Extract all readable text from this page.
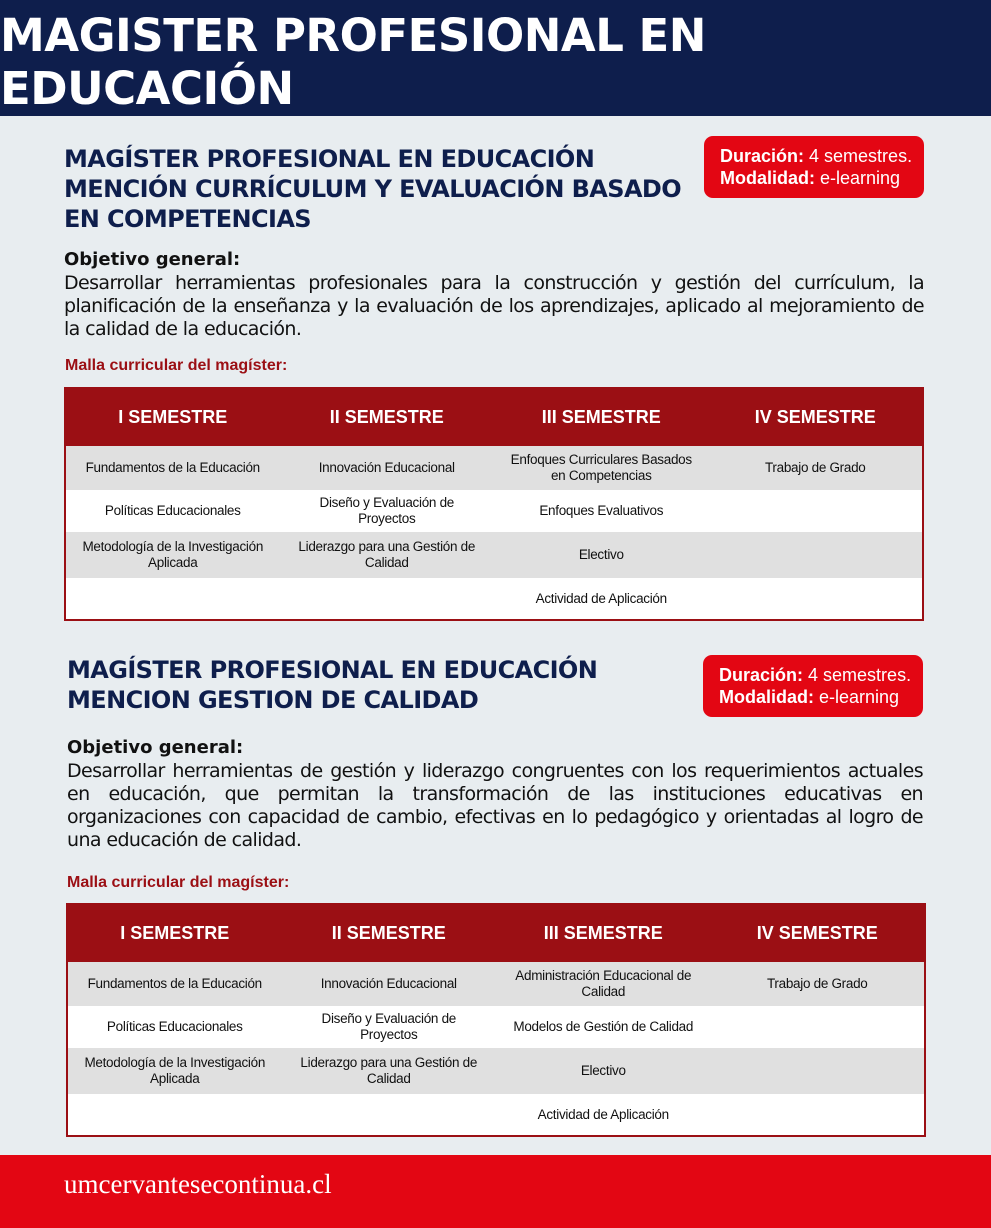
MAGISTER PROFESIONAL EN EDUCACIÓN
MAGÍSTER PROFESIONAL EN EDUCACIÓN
MENCIÓN CURRÍCULUM Y EVALUACIÓN BASADO
EN COMPETENCIAS
Duración: 4 semestres.
Modalidad: e-learning
Objetivo general:
Desarrollar herramientas profesionales para la construcción y gestión del currículum, la planificación de la enseñanza y la evaluación de los aprendizajes, aplicado al mejoramiento de la calidad de la educación.
Malla curricular del magíster:
I SEMESTRE	II SEMESTRE	III SEMESTRE	IV SEMESTRE
Fundamentos de la Educación	Innovación Educacional	Enfoques Curriculares Basados en Competencias	Trabajo de Grado
Políticas Educacionales	Diseño y Evaluación de Proyectos	Enfoques Evaluativos	
Metodología de la Investigación Aplicada	Liderazgo para una Gestión de Calidad	Electivo	
		Actividad de Aplicación	
MAGÍSTER PROFESIONAL EN EDUCACIÓN
MENCION GESTION DE CALIDAD
Duración: 4 semestres.
Modalidad: e-learning
Objetivo general:
Desarrollar herramientas de gestión y liderazgo congruentes con los requerimientos actuales en educación, que permitan la transformación de las instituciones educativas en organizaciones con capacidad de cambio, efectivas en lo pedagógico y orientadas al logro de una educación de calidad.
Malla curricular del magíster:
I SEMESTRE	II SEMESTRE	III SEMESTRE	IV SEMESTRE
Fundamentos de la Educación	Innovación Educacional	Administración Educacional de Calidad	Trabajo de Grado
Políticas Educacionales	Diseño y Evaluación de Proyectos	Modelos de Gestión de Calidad	
Metodología de la Investigación Aplicada	Liderazgo para una Gestión de Calidad	Electivo	
		Actividad de Aplicación	
umcervantesecontinua.cl
